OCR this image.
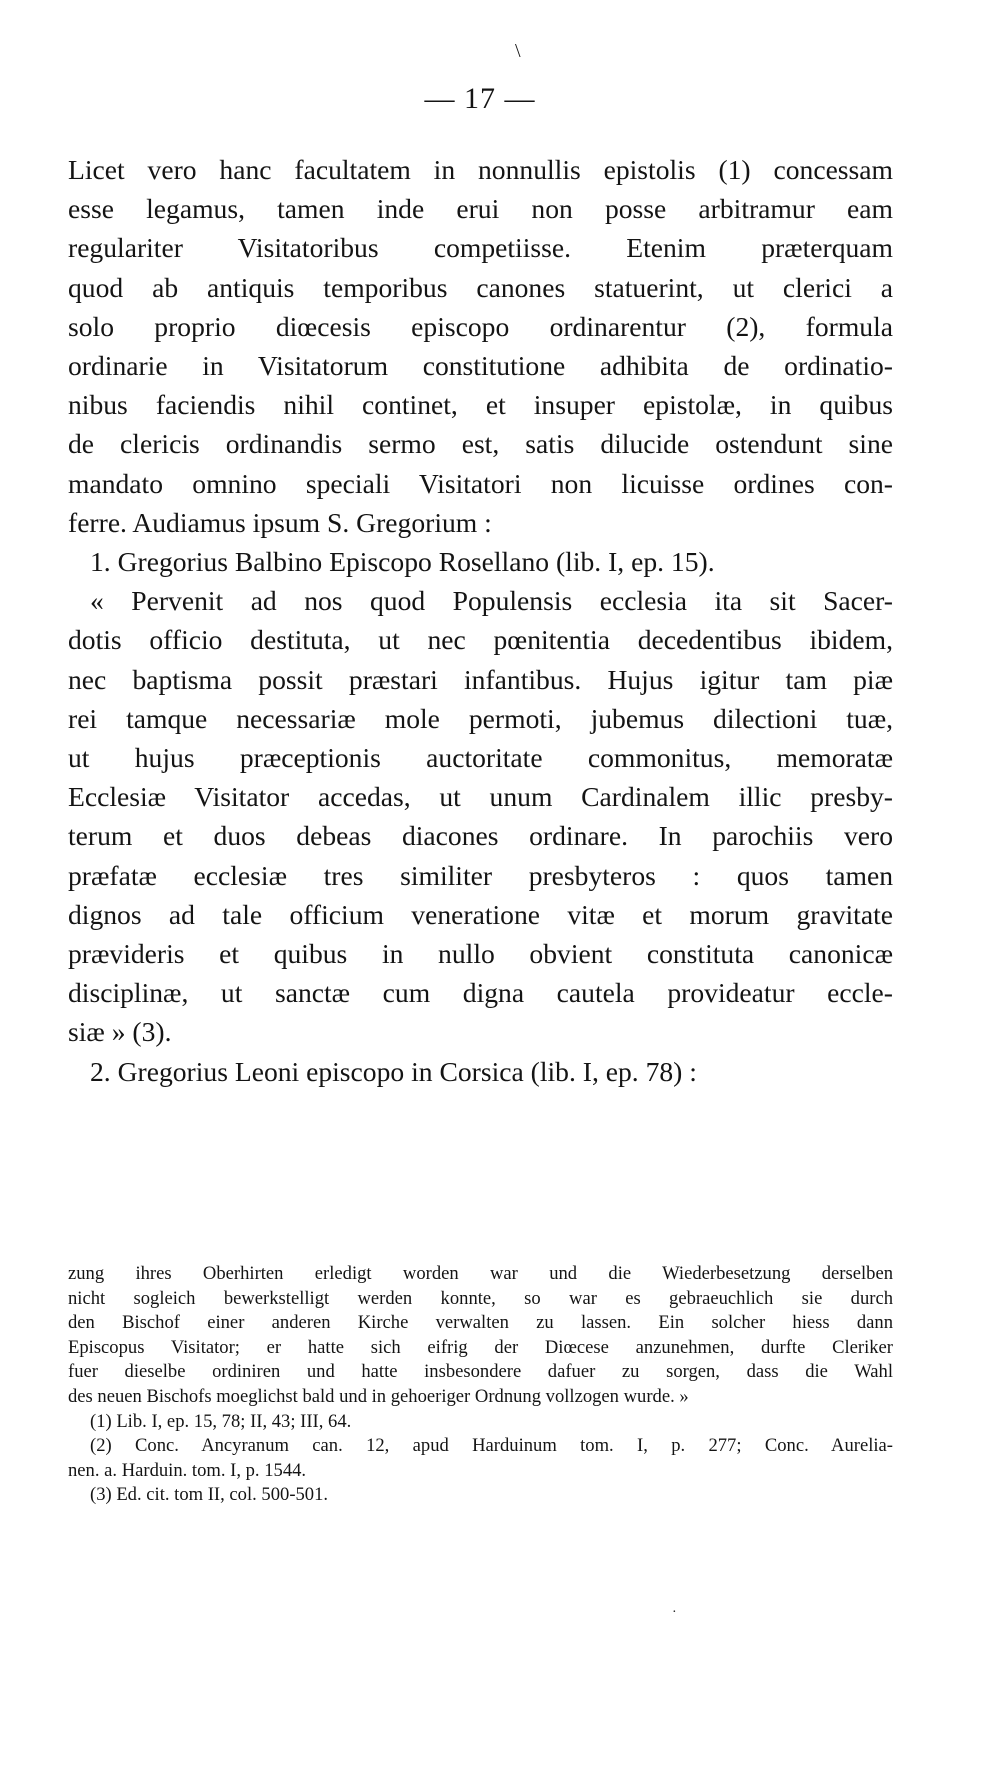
\
— 17 —
Licet vero hanc facultatem in nonnullis epistolis (1) concessam
esse legamus, tamen inde erui non posse arbitramur eam
regulariter Visitatoribus competiisse. Etenim præterquam
quod ab antiquis temporibus canones statuerint, ut clerici a
solo proprio diœcesis episcopo ordinarentur (2), formula
ordinarie in Visitatorum constitutione adhibita de ordinatio-
nibus faciendis nihil continet, et insuper epistolæ, in quibus
de clericis ordinandis sermo est, satis dilucide ostendunt sine
mandato omnino speciali Visitatori non licuisse ordines con-
ferre. Audiamus ipsum S. Gregorium :
1. Gregorius Balbino Episcopo Rosellano (lib. I, ep. 15).
« Pervenit ad nos quod Populensis ecclesia ita sit Sacer-
dotis officio destituta, ut nec pœnitentia decedentibus ibidem,
nec baptisma possit præstari infantibus. Hujus igitur tam piæ
rei tamque necessariæ mole permoti, jubemus dilectioni tuæ,
ut hujus præceptionis auctoritate commonitus, memoratæ
Ecclesiæ Visitator accedas, ut unum Cardinalem illic presby-
terum et duos debeas diacones ordinare. In parochiis vero
præfatæ ecclesiæ tres similiter presbyteros : quos tamen
dignos ad tale officium veneratione vitæ et morum gravitate
prævideris et quibus in nullo obvient constituta canonicæ
disciplinæ, ut sanctæ cum digna cautela provideatur eccle-
siæ » (3).
2. Gregorius Leoni episcopo in Corsica (lib. I, ep. 78) :
zung ihres Oberhirten erledigt worden war und die Wiederbesetzung derselben
nicht sogleich bewerkstelligt werden konnte, so war es gebraeuchlich sie durch
den Bischof einer anderen Kirche verwalten zu lassen. Ein solcher hiess dann
Episcopus Visitator; er hatte sich eifrig der Diœcese anzunehmen, durfte Cleriker
fuer dieselbe ordiniren und hatte insbesondere dafuer zu sorgen, dass die Wahl
des neuen Bischofs moeglichst bald und in gehoeriger Ordnung vollzogen wurde. »
(1) Lib. I, ep. 15, 78; II, 43; III, 64.
(2) Conc. Ancyranum can. 12, apud Harduinum tom. I, p. 277; Conc. Aurelia-
nen. a. Harduin. tom. I, p. 1544.
(3) Ed. cit. tom II, col. 500-501.
·
